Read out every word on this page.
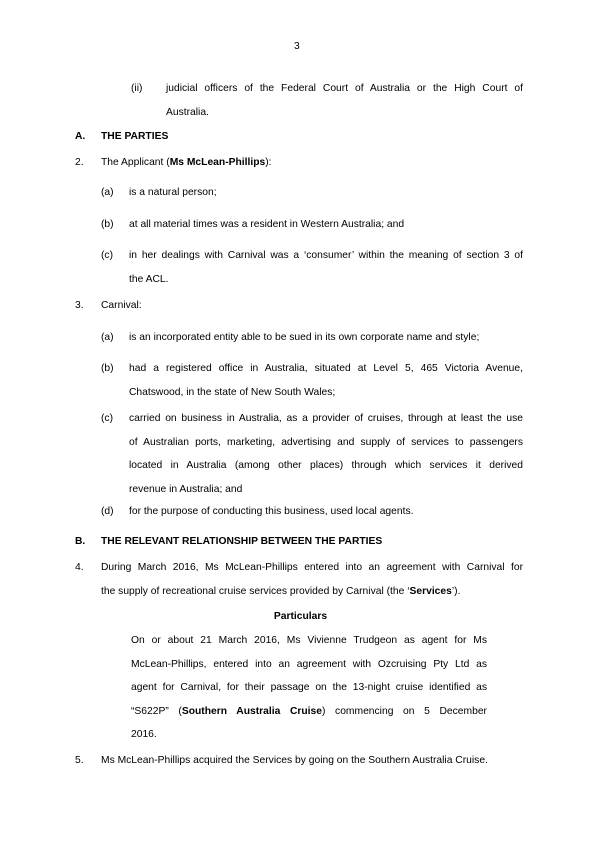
3
(ii) judicial officers of the Federal Court of Australia or the High Court of
Australia.
A. THE PARTIES
2. The Applicant (Ms McLean-Phillips):
(a) is a natural person;
(b) at all material times was a resident in Western Australia; and
(c) in her dealings with Carnival was a ‘consumer’ within the meaning of section 3 of
the ACL.
3. Carnival:
(a) is an incorporated entity able to be sued in its own corporate name and style;
(b) had a registered office in Australia, situated at Level 5, 465 Victoria Avenue,
Chatswood, in the state of New South Wales;
(c) carried on business in Australia, as a provider of cruises, through at least the use
of Australian ports, marketing, advertising and supply of services to passengers
located in Australia (among other places) through which services it derived
revenue in Australia; and
(d) for the purpose of conducting this business, used local agents.
B. THE RELEVANT RELATIONSHIP BETWEEN THE PARTIES
4. During March 2016, Ms McLean-Phillips entered into an agreement with Carnival for
the supply of recreational cruise services provided by Carnival (the ‘Services’).
Particulars
On or about 21 March 2016, Ms Vivienne Trudgeon as agent for Ms
McLean-Phillips, entered into an agreement with Ozcruising Pty Ltd as
agent for Carnival, for their passage on the 13-night cruise identified as
“S622P” (Southern Australia Cruise) commencing on 5 December
2016.
5. Ms McLean-Phillips acquired the Services by going on the Southern Australia Cruise.
